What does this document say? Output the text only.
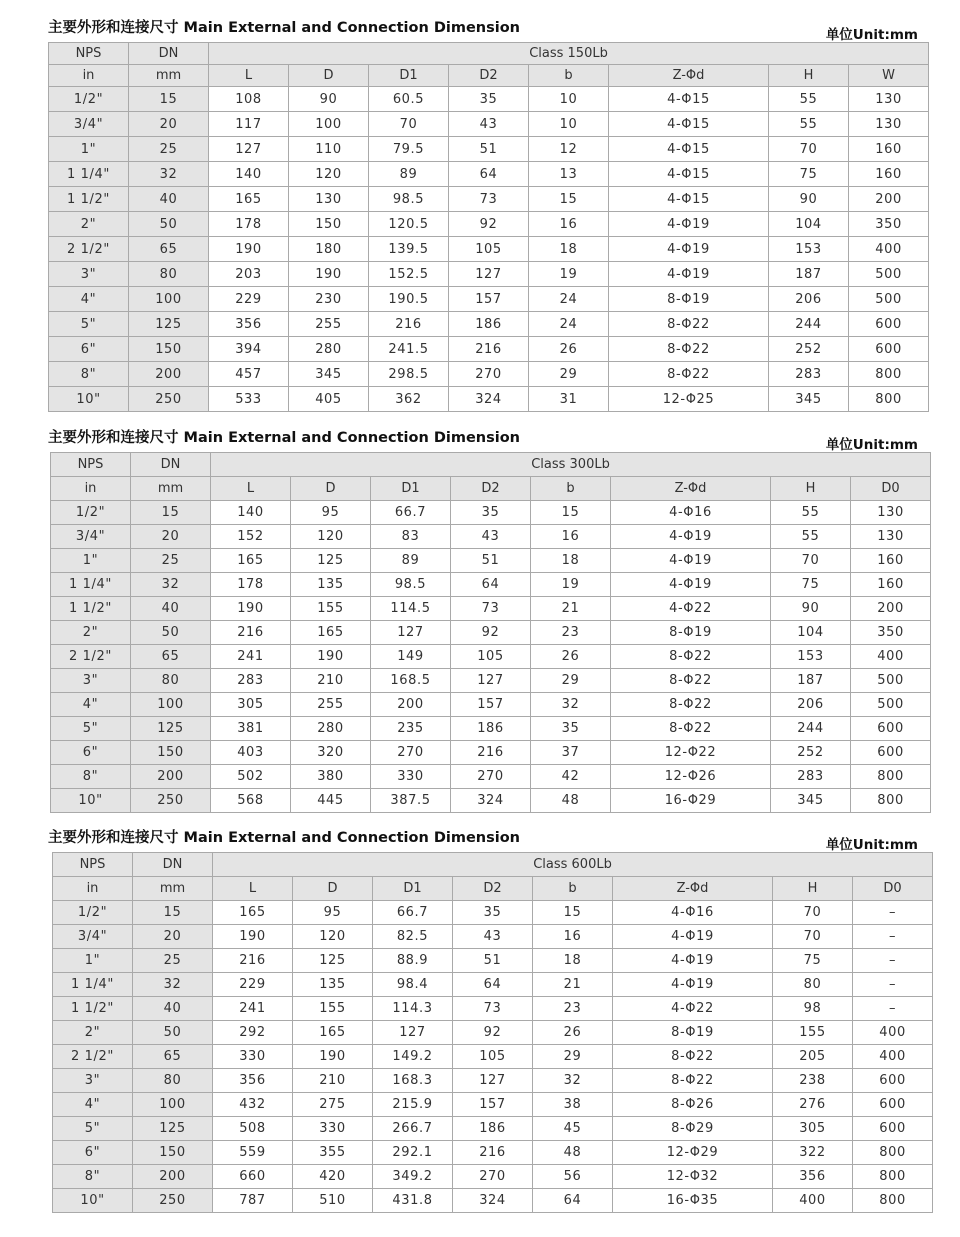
主要外形和连接尺寸 Main External and Connection Dimension	单位Unit:mm
NPS	DN	Class 150Lb							
in	mm	L	D	D1	D2	b	Z-Φd	H	W
1/2"	15	108	90	60.5	35	10	4-Φ15	55	130
3/4"	20	117	100	70	43	10	4-Φ15	55	130
1"	25	127	110	79.5	51	12	4-Φ15	70	160
1 1/4"	32	140	120	89	64	13	4-Φ15	75	160
1 1/2"	40	165	130	98.5	73	15	4-Φ15	90	200
2"	50	178	150	120.5	92	16	4-Φ19	104	350
2 1/2"	65	190	180	139.5	105	18	4-Φ19	153	400
3"	80	203	190	152.5	127	19	4-Φ19	187	500
4"	100	229	230	190.5	157	24	8-Φ19	206	500
5"	125	356	255	216	186	24	8-Φ22	244	600
6"	150	394	280	241.5	216	26	8-Φ22	252	600
8"	200	457	345	298.5	270	29	8-Φ22	283	800
10"	250	533	405	362	324	31	12-Φ25	345	800
主要外形和连接尺寸 Main External and Connection Dimension	单位Unit:mm
NPS	DN	Class 300Lb							
in	mm	L	D	D1	D2	b	Z-Φd	H	D0
1/2"	15	140	95	66.7	35	15	4-Φ16	55	130
3/4"	20	152	120	83	43	16	4-Φ19	55	130
1"	25	165	125	89	51	18	4-Φ19	70	160
1 1/4"	32	178	135	98.5	64	19	4-Φ19	75	160
1 1/2"	40	190	155	114.5	73	21	4-Φ22	90	200
2"	50	216	165	127	92	23	8-Φ19	104	350
2 1/2"	65	241	190	149	105	26	8-Φ22	153	400
3"	80	283	210	168.5	127	29	8-Φ22	187	500
4"	100	305	255	200	157	32	8-Φ22	206	500
5"	125	381	280	235	186	35	8-Φ22	244	600
6"	150	403	320	270	216	37	12-Φ22	252	600
8"	200	502	380	330	270	42	12-Φ26	283	800
10"	250	568	445	387.5	324	48	16-Φ29	345	800
主要外形和连接尺寸 Main External and Connection Dimension	单位Unit:mm
NPS	DN	Class 600Lb							
in	mm	L	D	D1	D2	b	Z-Φd	H	D0
1/2"	15	165	95	66.7	35	15	4-Φ16	70	–
3/4"	20	190	120	82.5	43	16	4-Φ19	70	–
1"	25	216	125	88.9	51	18	4-Φ19	75	–
1 1/4"	32	229	135	98.4	64	21	4-Φ19	80	–
1 1/2"	40	241	155	114.3	73	23	4-Φ22	98	–
2"	50	292	165	127	92	26	8-Φ19	155	400
2 1/2"	65	330	190	149.2	105	29	8-Φ22	205	400
3"	80	356	210	168.3	127	32	8-Φ22	238	600
4"	100	432	275	215.9	157	38	8-Φ26	276	600
5"	125	508	330	266.7	186	45	8-Φ29	305	600
6"	150	559	355	292.1	216	48	12-Φ29	322	800
8"	200	660	420	349.2	270	56	12-Φ32	356	800
10"	250	787	510	431.8	324	64	16-Φ35	400	800
